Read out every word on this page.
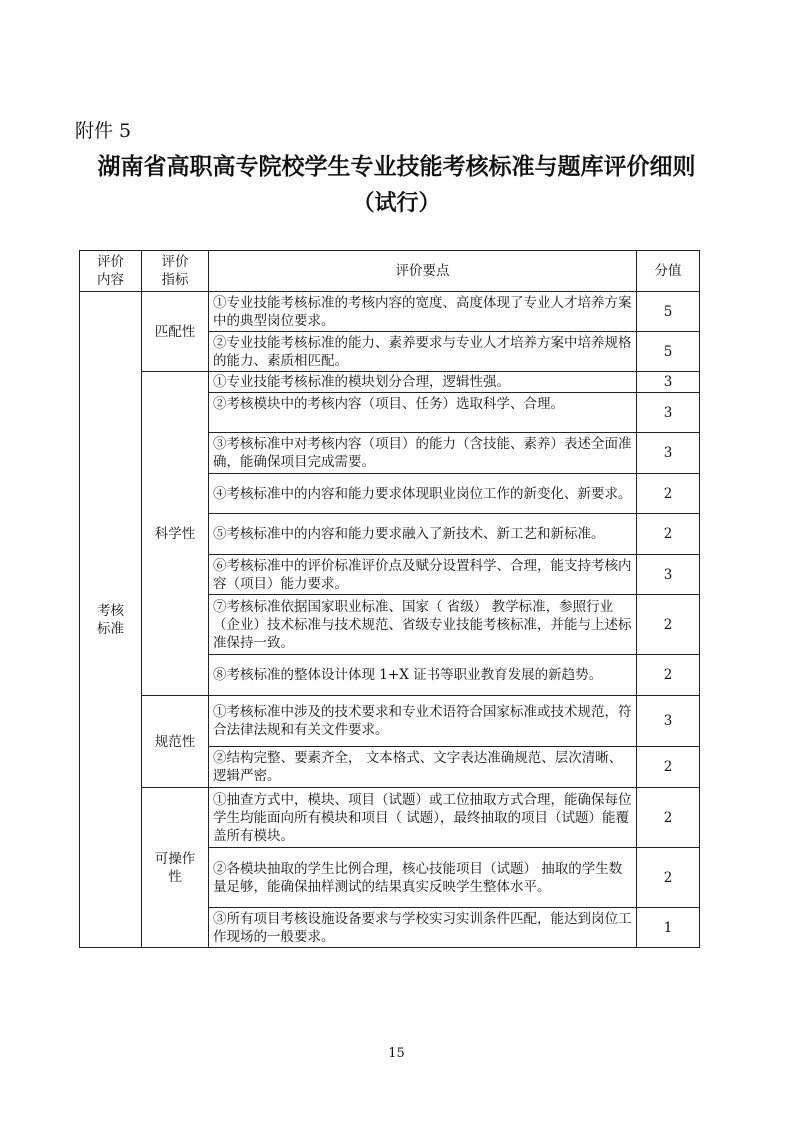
附件 5
湖南省高职高专院校学生专业技能考核标准与题库评价细则
（试行）
评价内容	评价指标	评价要点	分值
考核标准	匹配性	①专业技能考核标准的考核内容的宽度、高度体现了专业人才培养方案中的典型岗位要求。	5
		②专业技能考核标准的能力、素养要求与专业人才培养方案中培养规格的能力、素质相匹配。	5
	科学性	①专业技能考核标准的模块划分合理，逻辑性强。	3
		②考核模块中的考核内容（项目、任务）选取科学、合理。	3
		③考核标准中对考核内容（项目）的能力（含技能、素养）表述全面准确，能确保项目完成需要。	3
		④考核标准中的内容和能力要求体现职业岗位工作的新变化、新要求。	2
		⑤考核标准中的内容和能力要求融入了新技术、新工艺和新标准。	2
		⑥考核标准中的评价标准评价点及赋分设置科学、合理，能支持考核内容（项目）能力要求。	3
		⑦考核标准依据国家职业标准、国家（ 省级） 教学标准，参照行业（企业）技术标准与技术规范、省级专业技能考核标准，并能与上述标准保持一致。	2
		⑧考核标准的整体设计体现 1+X 证书等职业教育发展的新趋势。	2
	规范性	①考核标准中涉及的技术要求和专业术语符合国家标准或技术规范，符合法律法规和有关文件要求。	3
		②结构完整、要素齐全， 文本格式、文字表达准确规范、层次清晰、逻辑严密。	2
	可操作性	①抽查方式中，模块、项目（试题）或工位抽取方式合理，能确保每位学生均能面向所有模块和项目（ 试题），最终抽取的项目（试题）能覆盖所有模块。	2
		②各模块抽取的学生比例合理，核心技能项目（试题） 抽取的学生数量足够，能确保抽样测试的结果真实反映学生整体水平。	2
		③所有项目考核设施设备要求与学校实习实训条件匹配，能达到岗位工作现场的一般要求。	1
15
